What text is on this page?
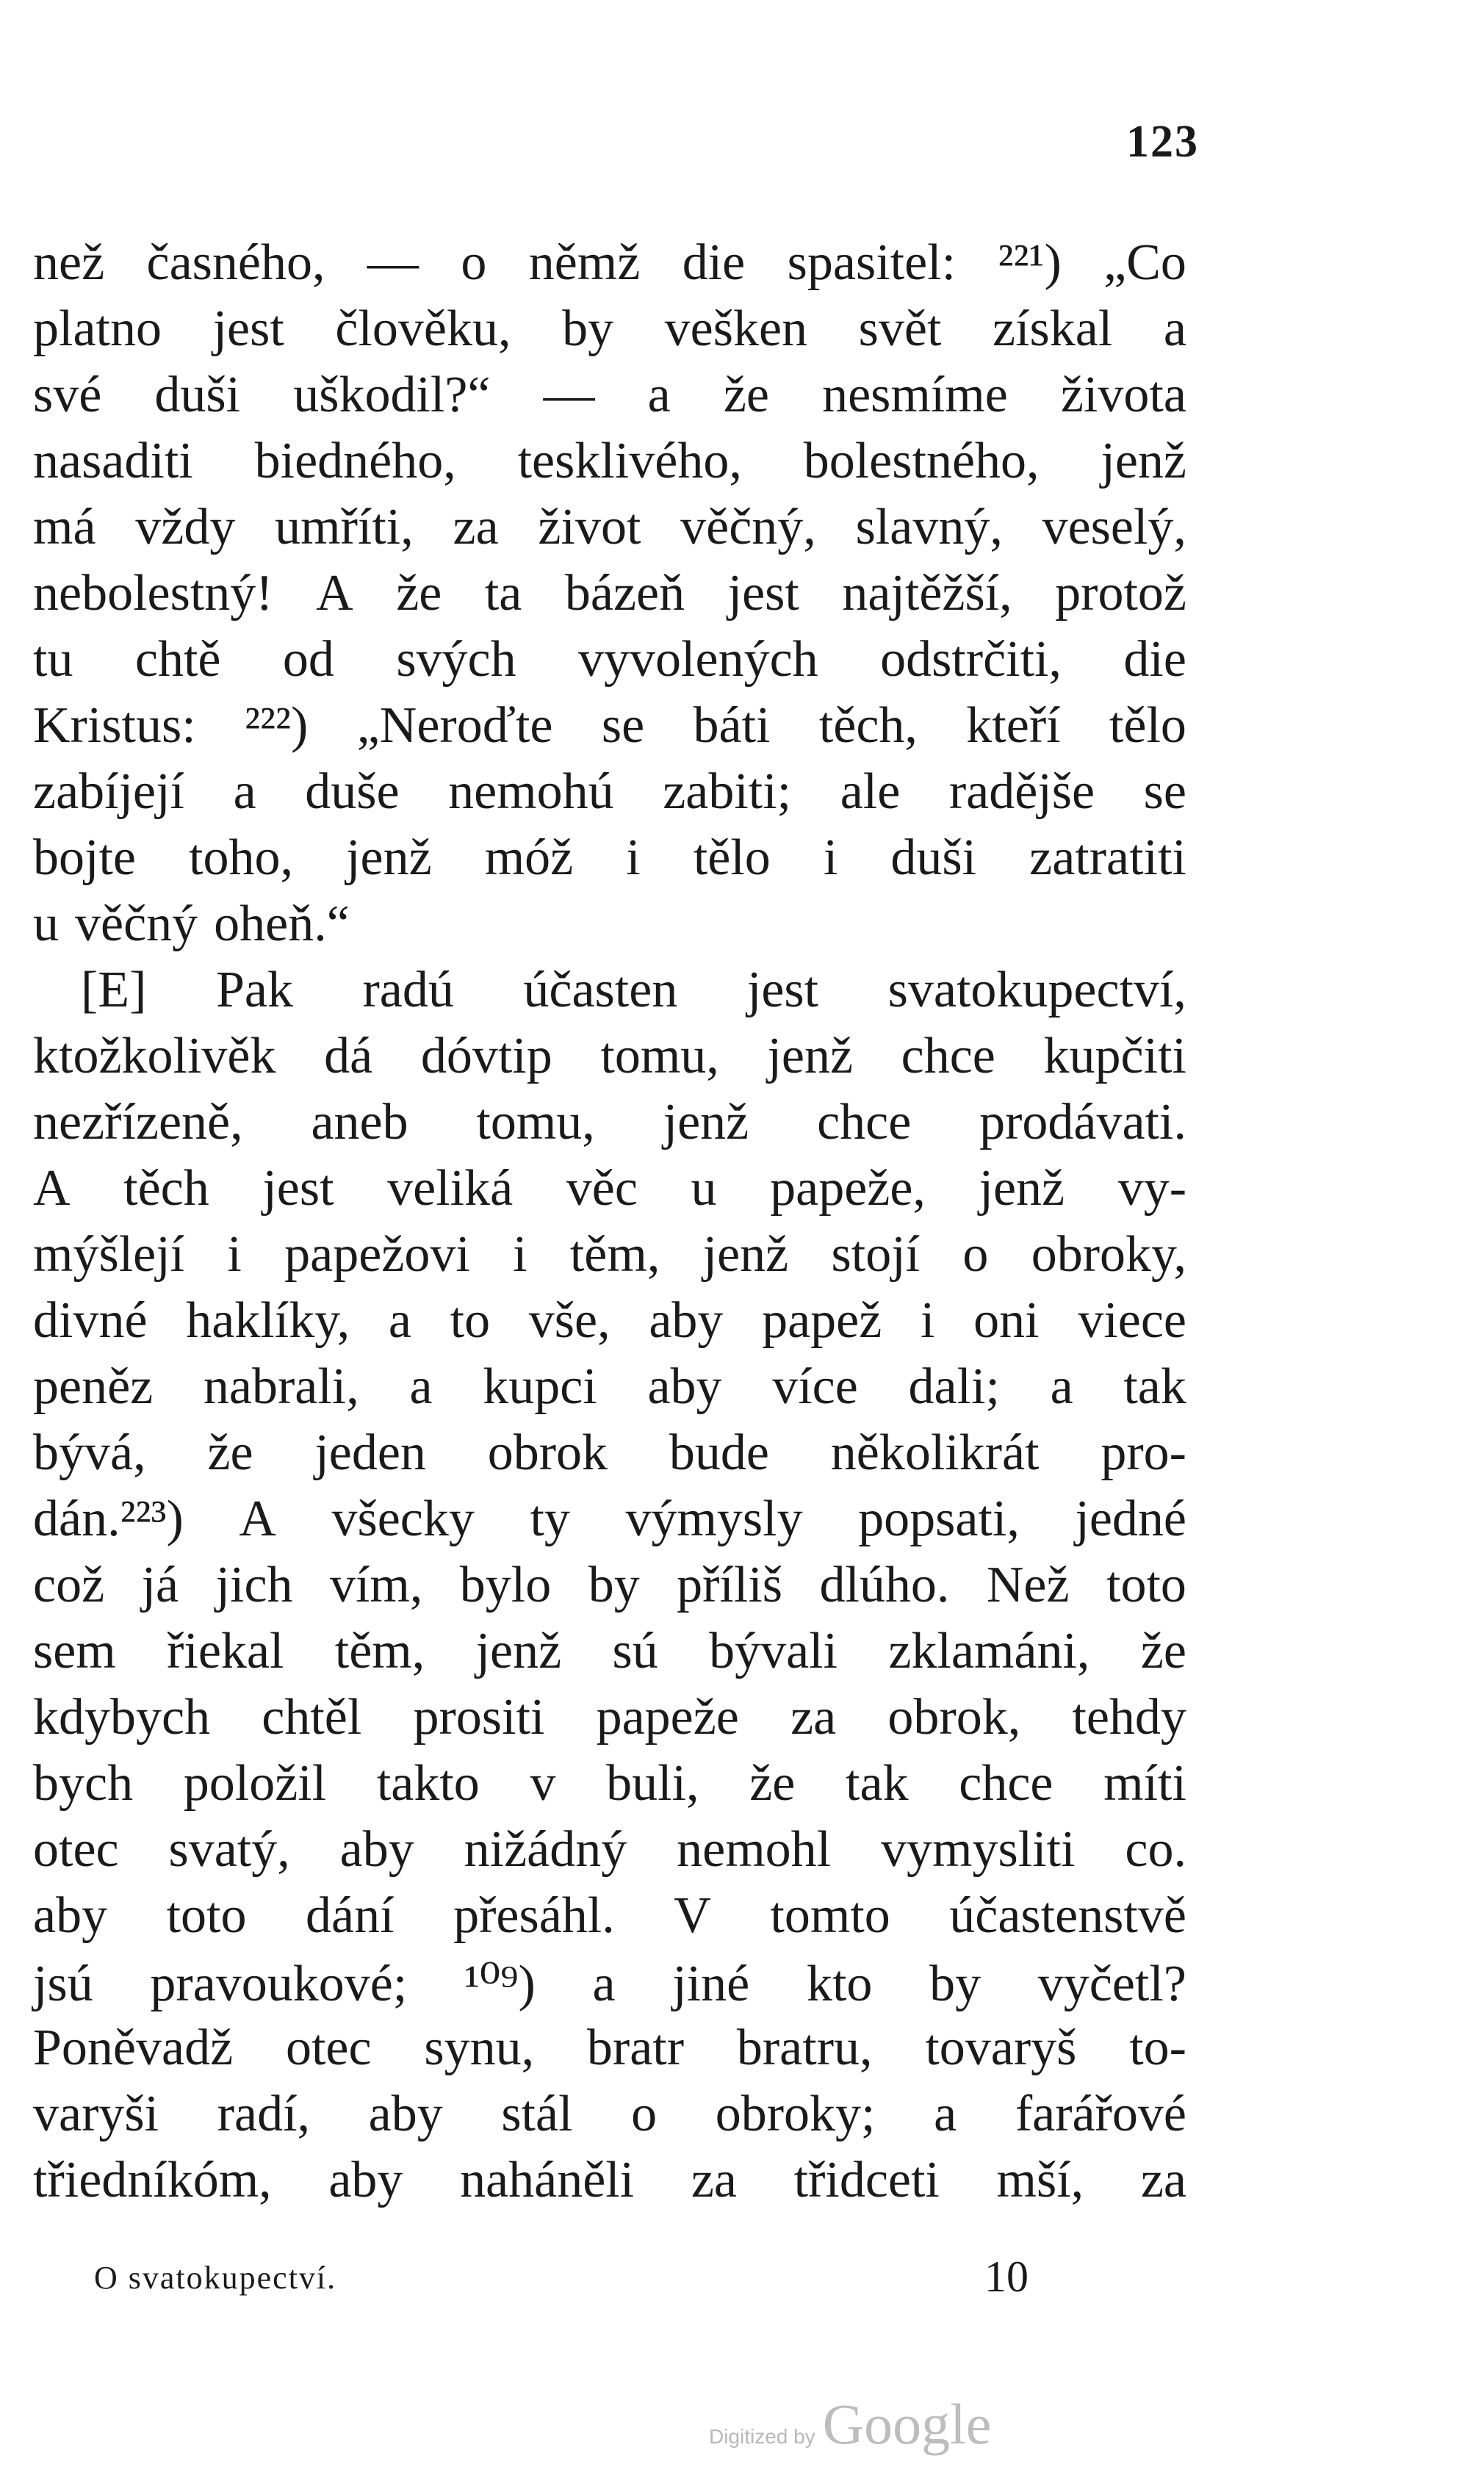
123
než časného, — o němž die spasitel: ²²¹) „Co
platno jest člověku, by vešken svět získal a
své duši uškodil?“ — a že nesmíme života
nasaditi biedného, tesklivého, bolestného, jenž
má vždy umříti, za život věčný, slavný, veselý,
nebolestný! A že ta bázeň jest najtěžší, protož
tu chtě od svých vyvolených odstrčiti, die
Kristus: ²²²) „Neroďte se báti těch, kteří tělo
zabíjejí a duše nemohú zabiti; ale radějše se
bojte toho, jenž móž i tělo i duši zatratiti
u věčný oheň.“
[E] Pak radú účasten jest svatokupectví,
ktožkolivěk dá dóvtip tomu, jenž chce kupčiti
nezřízeně, aneb tomu, jenž chce prodávati.
A těch jest veliká věc u papeže, jenž vy-
mýšlejí i papežovi i těm, jenž stojí o obroky,
divné haklíky, a to vše, aby papež i oni viece
peněz nabrali, a kupci aby více dali; a tak
bývá, že jeden obrok bude několikrát pro-
dán.²²³) A všecky ty výmysly popsati, jedné
což já jich vím, bylo by příliš dlúho. Než toto
sem řiekal těm, jenž sú bývali zklamáni, že
kdybych chtěl prositi papeže za obrok, tehdy
bych položil takto v buli, že tak chce míti
otec svatý, aby nižádný nemohl vymysliti co.
aby toto dání přesáhl. V tomto účastenstvě
jsú pravoukové; ¹⁰⁹) a jiné kto by vyčetl?
Poněvadž otec synu, bratr bratru, tovaryš to-
varyši radí, aby stál o obroky; a farářové
třiedníkóm, aby naháněli za třidceti mší, za
O svatokupectví.	10
Digitized by Google
